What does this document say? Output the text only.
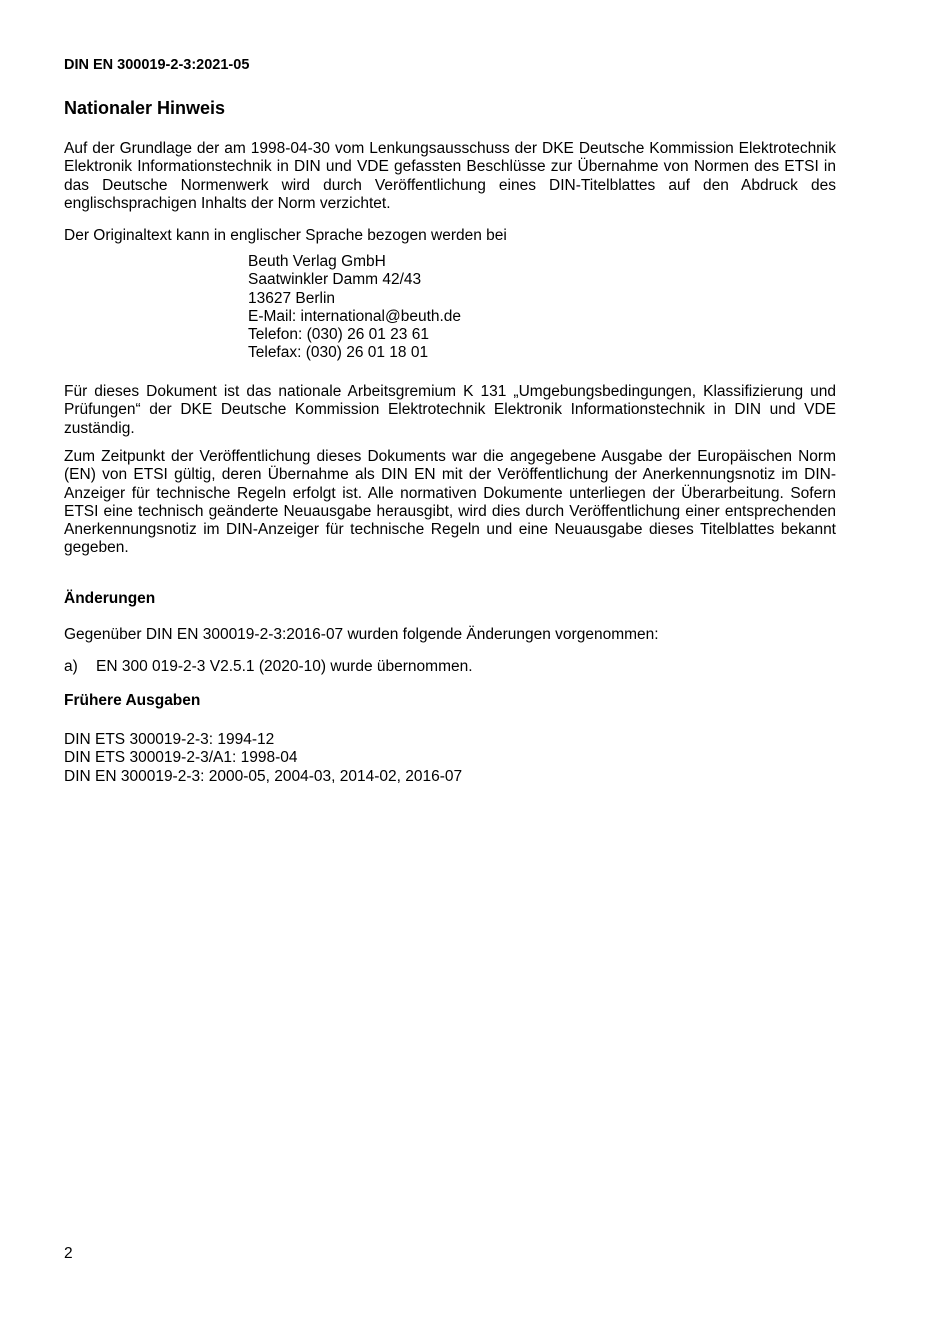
DIN EN 300019-2-3:2021-05
Nationaler Hinweis

Auf der Grundlage der am 1998-04-30 vom Lenkungsausschuss der DKE Deutsche Kommission Elektrotechnik Elektronik Informationstechnik in DIN und VDE gefassten Beschlüsse zur Übernahme von Normen des ETSI in das Deutsche Normenwerk wird durch Veröffentlichung eines DIN-Titelblattes auf den Abdruck des englischsprachigen Inhalts der Norm verzichtet.

Der Originaltext kann in englischer Sprache bezogen werden bei

Beuth Verlag GmbH
Saatwinkler Damm 42/43
13627 Berlin
E-Mail: international@beuth.de
Telefon: (030) 26 01 23 61
Telefax: (030) 26 01 18 01

Für dieses Dokument ist das nationale Arbeitsgremium K 131 „Umgebungsbedingungen, Klassifizierung und Prüfungen“ der DKE Deutsche Kommission Elektrotechnik Elektronik Informationstechnik in DIN und VDE zuständig.

Zum Zeitpunkt der Veröffentlichung dieses Dokuments war die angegebene Ausgabe der Europäischen Norm (EN) von ETSI gültig, deren Übernahme als DIN EN mit der Veröffentlichung der Anerkennungsnotiz im DIN-Anzeiger für technische Regeln erfolgt ist. Alle normativen Dokumente unterliegen der Überarbeitung. Sofern ETSI eine technisch geänderte Neuausgabe herausgibt, wird dies durch Veröffentlichung einer entsprechenden Anerkennungsnotiz im DIN-Anzeiger für technische Regeln und eine Neuausgabe dieses Titelblattes bekannt gegeben.

Änderungen

Gegenüber DIN EN 300019-2-3:2016-07 wurden folgende Änderungen vorgenommen:

a) EN 300 019-2-3 V2.5.1 (2020-10) wurde übernommen.
Frühere Ausgaben
DIN ETS 300019-2-3: 1994-12
DIN ETS 300019-2-3/A1: 1998-04
DIN EN 300019-2-3: 2000-05, 2004-03, 2014-02, 2016-07
2
